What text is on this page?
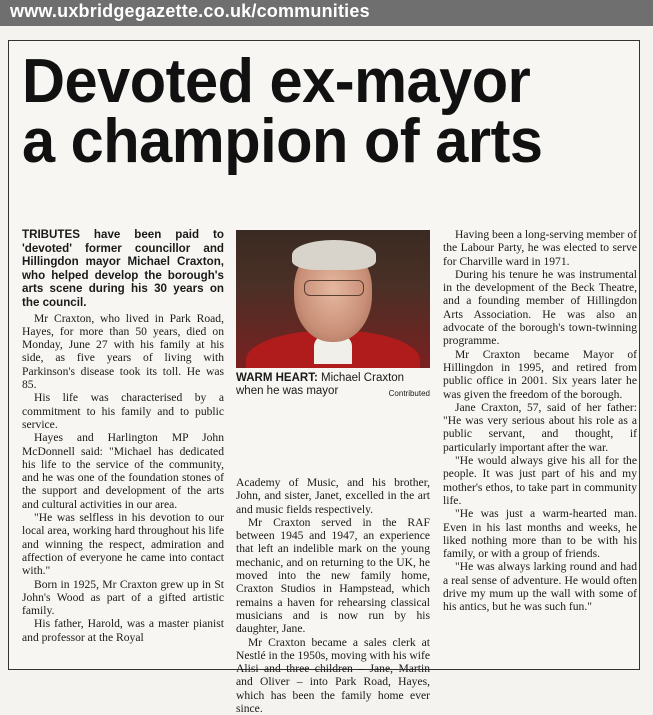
www.uxbridgegazette.co.uk/communities
Devoted ex-mayor
a champion of arts

TRIBUTES have been paid to 'devoted' former councillor and Hillingdon mayor Michael Craxton, who helped develop the borough's arts scene during his 30 years on the council.

Mr Craxton, who lived in Park Road, Hayes, for more than 50 years, died on Monday, June 27 with his family at his side, as five years of living with Parkinson's disease took its toll. He was 85.

His life was characterised by a commitment to his family and to public service.

Hayes and Harlington MP John McDonnell said: "Michael has dedicated his life to the service of the community, and he was one of the foundation stones of the support and development of the arts and cultural activities in our area.

"He was selfless in his devotion to our local area, working hard throughout his life and winning the respect, admiration and affection of everyone he came into contact with."

Born in 1925, Mr Craxton grew up in St John's Wood as part of a gifted artistic family.

His father, Harold, was a master pianist and professor at the Royal

WARM HEART: Michael Craxton when he was mayor	Contributed

Academy of Music, and his brother, John, and sister, Janet, excelled in the art and music fields respectively.

Mr Craxton served in the RAF between 1945 and 1947, an experience that left an indelible mark on the young mechanic, and on returning to the UK, he moved into the new family home, Craxton Studios in Hampstead, which remains a haven for rehearsing classical musicians and is now run by his daughter, Jane.

Mr Craxton became a sales clerk at Nestlé in the 1950s, moving with his wife Alisi and three children – Jane, Martin and Oliver – into Park Road, Hayes, which has been the family home ever since.

Having been a long-serving member of the Labour Party, he was elected to serve for Charville ward in 1971.

During his tenure he was instrumental in the development of the Beck Theatre, and a founding member of Hillingdon Arts Association. He was also an advocate of the borough's town-twinning programme.

Mr Craxton became Mayor of Hillingdon in 1995, and retired from public office in 2001. Six years later he was given the freedom of the borough.

Jane Craxton, 57, said of her father: "He was very serious about his role as a public servant, and thought, if particularly important after the war.

"He would always give his all for the people. It was just part of his and my mother's ethos, to take part in community life.

"He was just a warm-hearted man. Even in his last months and weeks, he liked nothing more than to be with his family, or with a group of friends.

"He was always larking round and had a real sense of adventure. He would often drive my mum up the wall with some of his antics, but he was such fun."
